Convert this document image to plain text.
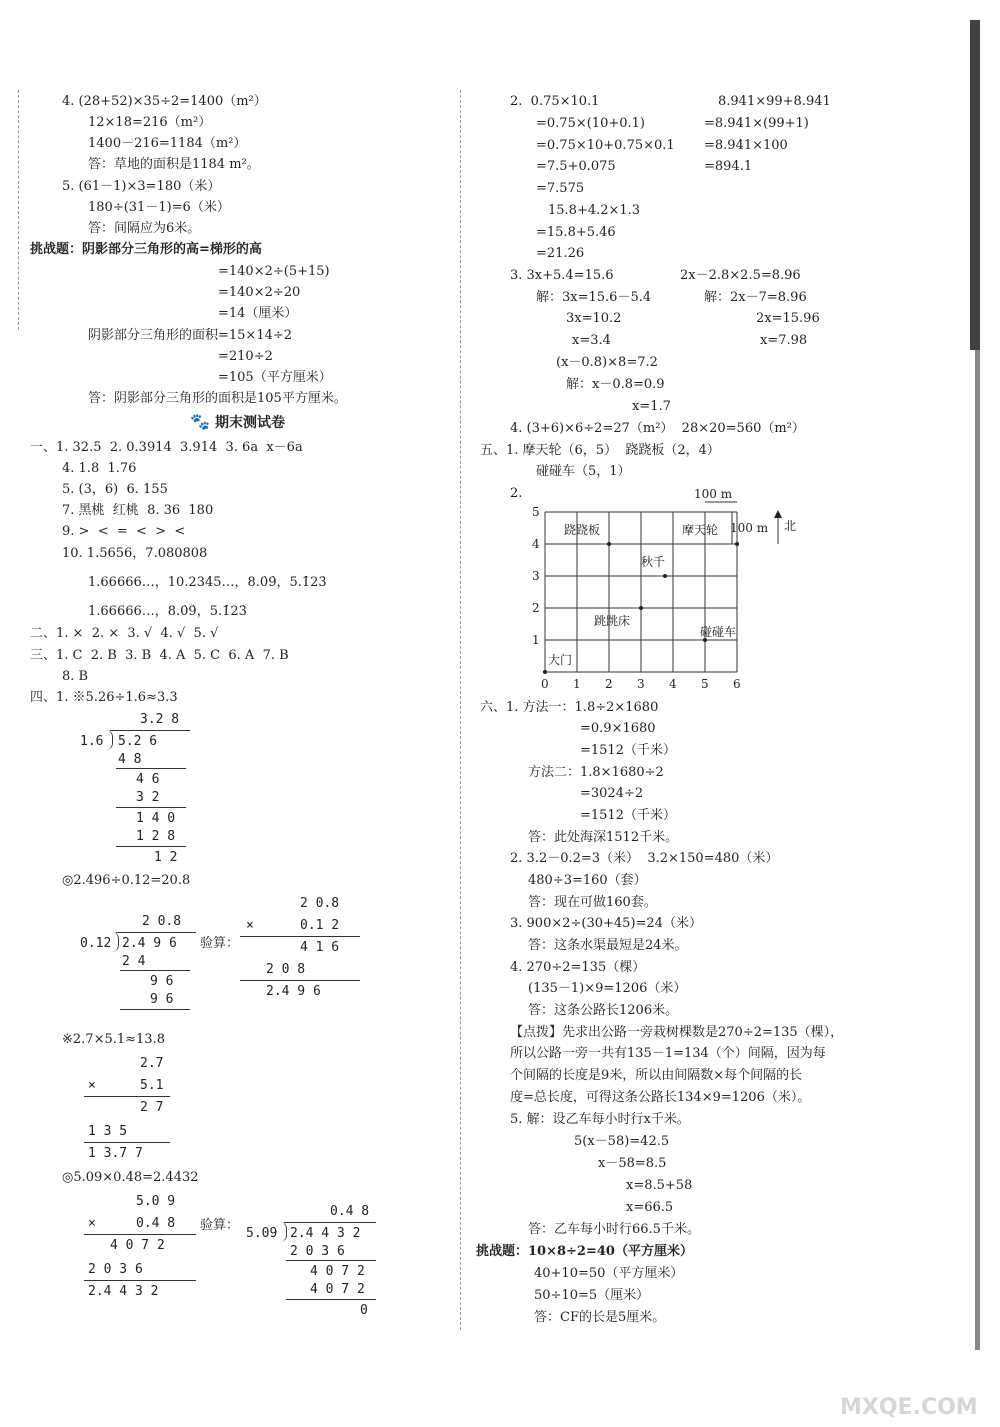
4. (28+52)×35÷2=1400（m²）
12×18=216（m²）
1400－216=1184（m²）
答：草地的面积是1184 m²。
5. (61－1)×3=180（米）
180÷(31－1)=6（米）
答：间隔应为6米。
挑战题：阴影部分三角形的高=梯形的高
=140×2÷(5+15)
=140×2÷20
=14（厘米）
阴影部分三角形的面积=15×14÷2
=210÷2
=105（平方厘米）
答：阴影部分三角形的面积是105平方厘米。
期末测试卷
🐾
一、1. 32.5  2. 0.3914  3.914  3. 6a  x－6a
4. 1.8  1.76
5. (3，6)  6. 155
7. 黑桃  红桃  8. 36  180
9. >  <  =  <  >  <
10. 1.5656，7.080808
1.66666…，10.2345…，8.0̇9̇，5.1̇23̇
1.66666…，8.0̇9̇，5.1̇23̇
二、1. ×  2. ×  3. √  4. √  5. √
三、1. C  2. B  3. B  4. A  5. C  6. A  7. B
8. B
四、1. ※5.26÷1.6≈3.3
3.2 8
1.6 5.2 6
4 8
4 6
3 2
1 4 0
1 2 8
1 2
◎2.496÷0.12=20.8
2 0.8
0.12 2.4 9 6 验算：
2 4
9 6
9 6
2 0.8
×	0.1 2
4 1 6
2 0 8
2.4 9 6
※2.7×5.1≈13.8
2.7
×	5.1
2 7
1 3 5
1 3.7 7
◎5.09×0.48=2.4432
5.0 9
×	0.4 8
4 0 7 2
2 0 3 6
2.4 4 3 2
验算：
0.4 8
5.09 2.4 4 3 2
2 0 3 6
4 0 7 2
4 0 7 2
0
2.  0.75×10.1
=0.75×(10+0.1)
=0.75×10+0.75×0.1
=7.5+0.075
=7.575
8.941×99+8.941
=8.941×(99+1)
=8.941×100
=894.1
15.8+4.2×1.3
=15.8+5.46
=21.26
3. 3x+5.4=15.6
解：3x=15.6－5.4
3x=10.2
x=3.4
2x－2.8×2.5=8.96
解：2x－7=8.96
2x=15.96
x=7.98
(x－0.8)×8=7.2
解：x－0.8=0.9
x=1.7
4. (3+6)×6÷2=27（m²）  28×20=560（m²）
五、1. 摩天轮（6，5）  跷跷板（2，4）
碰碰车（5，1）
2.
0 1 2 3 4 5 6
1
2
3
4
5
跷跷板	摩天轮
秋千
跳跳床
碰碰车
大门
100 m
100 m 北
六、1. 方法一：1.8÷2×1680
=0.9×1680
=1512（千米）
方法二：1.8×1680÷2
=3024÷2
=1512（千米）
答：此处海深1512千米。
2. 3.2－0.2=3（米）  3.2×150=480（米）
480÷3=160（套）
答：现在可做160套。
3. 900×2÷(30+45)=24（米）
答：这条水渠最短是24米。
4. 270÷2=135（棵）
(135－1)×9=1206（米）
答：这条公路长1206米。
【点拨】先求出公路一旁栽树棵数是270÷2=135（棵），
所以公路一旁一共有135－1=134（个）间隔，因为每
个间隔的长度是9米，所以由间隔数×每个间隔的长
度=总长度，可得这条公路长134×9=1206（米）。
5. 解：设乙车每小时行x千米。
5(x－58)=42.5
x－58=8.5
x=8.5+58
x=66.5
答：乙车每小时行66.5千米。
挑战题：10×8÷2=40（平方厘米）
40+10=50（平方厘米）
50÷10=5（厘米）
答：CF的长是5厘米。
MXQE.COM
